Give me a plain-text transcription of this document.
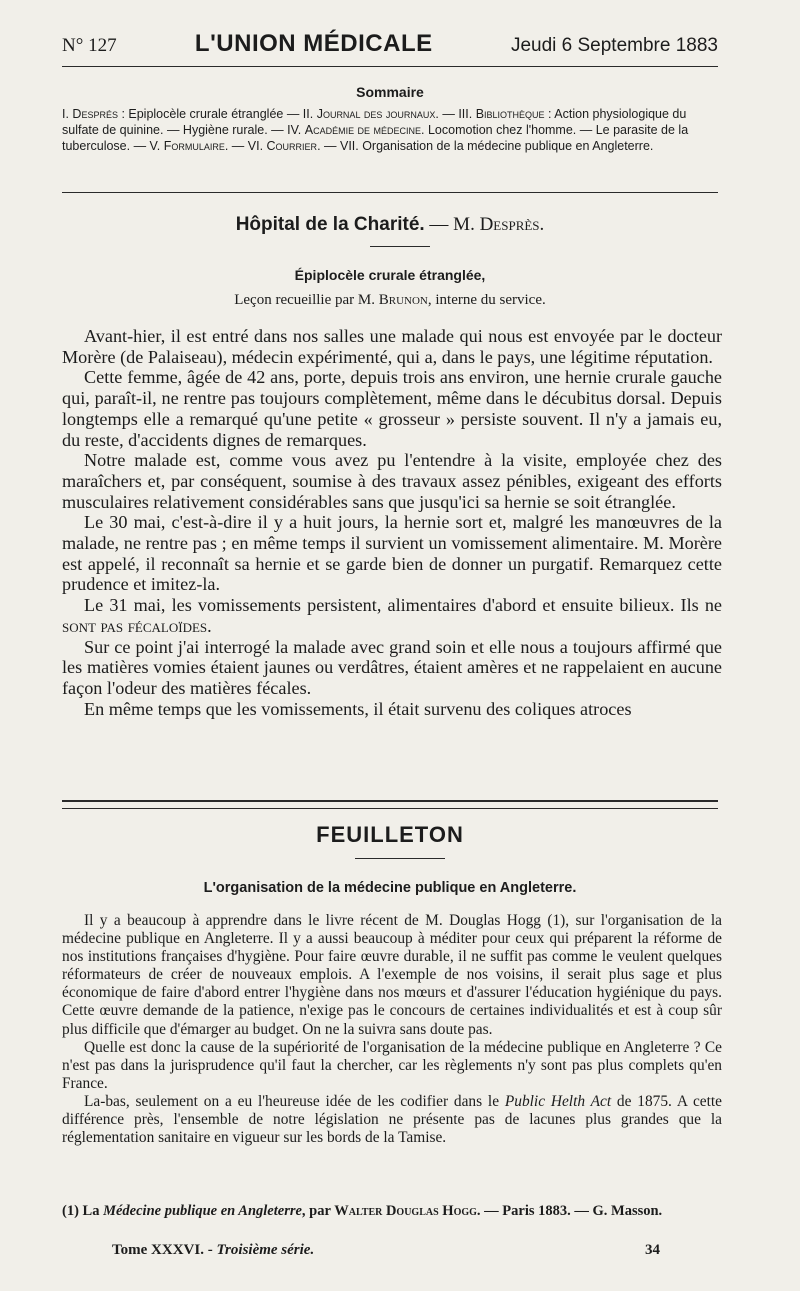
N° 127	L'UNION MÉDICALE	Jeudi 6 Septembre 1883
Sommaire
I. Després : Epiplocèle crurale étranglée — II. Journal des journaux. — III. Bibliothèque : Action physiologique du sulfate de quinine. — Hygiène rurale. — IV. Académie de médecine. Locomotion chez l'homme. — Le parasite de la tuberculose. — V. Formulaire. — VI. Courrier. — VII. Organisation de la médecine publique en Angleterre.
Hôpital de la Charité. — M. Desprès.
Épiplocèle crurale étranglée,
Leçon recueillie par M. Brunon, interne du service.

Avant-hier, il est entré dans nos salles une malade qui nous est envoyée par le docteur Morère (de Palaiseau), médecin expérimenté, qui a, dans le pays, une légitime réputation.

Cette femme, âgée de 42 ans, porte, depuis trois ans environ, une hernie crurale gauche qui, paraît-il, ne rentre pas toujours complètement, même dans le décubitus dorsal. Depuis longtemps elle a remarqué qu'une petite « grosseur » persiste souvent. Il n'y a jamais eu, du reste, d'accidents dignes de remarques.

Notre malade est, comme vous avez pu l'entendre à la visite, employée chez des maraîchers et, par conséquent, soumise à des travaux assez pénibles, exigeant des efforts musculaires relativement considérables sans que jusqu'ici sa hernie se soit étranglée.

Le 30 mai, c'est-à-dire il y a huit jours, la hernie sort et, malgré les manœuvres de la malade, ne rentre pas ; en même temps il survient un vomissement alimentaire. M. Morère est appelé, il reconnaît sa hernie et se garde bien de donner un purgatif. Remarquez cette prudence et imitez-la.

Le 31 mai, les vomissements persistent, alimentaires d'abord et ensuite bilieux. Ils ne sont pas fécaloïdes.

Sur ce point j'ai interrogé la malade avec grand soin et elle nous a toujours affirmé que les matières vomies étaient jaunes ou verdâtres, étaient amères et ne rappelaient en aucune façon l'odeur des matières fécales.

En même temps que les vomissements, il était survenu des coliques atroces

FEUILLETON
L'organisation de la médecine publique en Angleterre.

Il y a beaucoup à apprendre dans le livre récent de M. Douglas Hogg (1), sur l'organisation de la médecine publique en Angleterre. Il y a aussi beaucoup à méditer pour ceux qui préparent la réforme de nos institutions françaises d'hygiène. Pour faire œuvre durable, il ne suffit pas comme le veulent quelques réformateurs de créer de nouveaux emplois. A l'exemple de nos voisins, il serait plus sage et plus économique de faire d'abord entrer l'hygiène dans nos mœurs et d'assurer l'éducation hygiénique du pays. Cette œuvre demande de la patience, n'exige pas le concours de certaines individualités et est à coup sûr plus difficile que d'émarger au budget. On ne la suivra sans doute pas.

Quelle est donc la cause de la supériorité de l'organisation de la médecine publique en Angleterre ? Ce n'est pas dans la jurisprudence qu'il faut la chercher, car les règlements n'y sont pas plus complets qu'en France.

La-bas, seulement on a eu l'heureuse idée de les codifier dans le Public Helth Act de 1875. A cette différence près, l'ensemble de notre législation ne présente pas de lacunes plus grandes que la réglementation sanitaire en vigueur sur les bords de la Tamise.

(1) La Médecine publique en Angleterre, par Walter Douglas Hogg. — Paris 1883. — G. Masson.
Tome XXXVI. - Troisième série.	34
